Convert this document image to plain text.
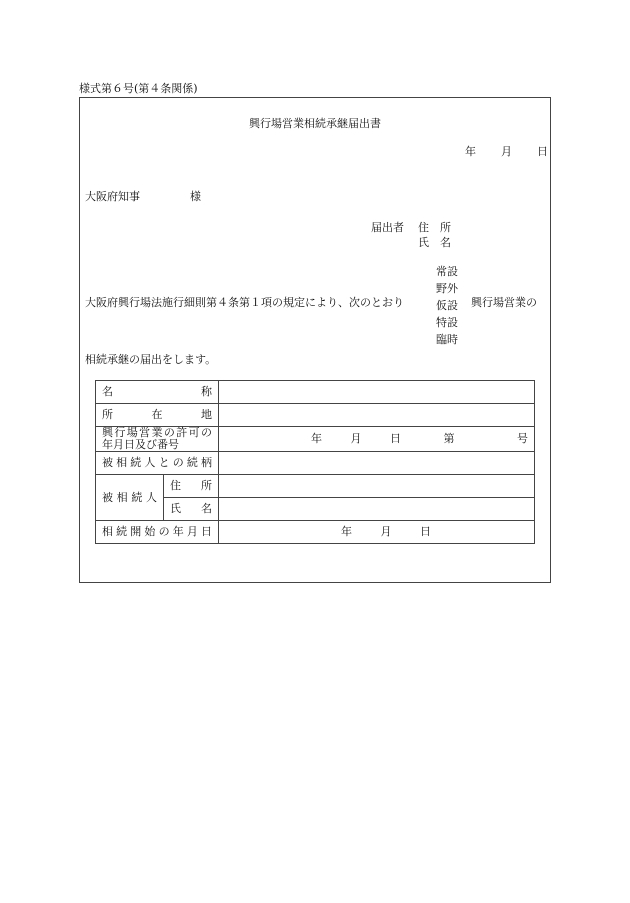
様式第６号(第４条関係)
興行場営業相続承継届出書
年 月 日
大阪府知事	様
届出者 住　所
氏　名
大阪府興行場法施行細則第４条第１項の規定により、次のとおり
常設
野外
仮設
特設
臨時
興行場営業の
相続承継の届出をします。
名称		
所在地		

興行場営業の許可の
年月日及び番号		年 月 日 第 号
被相続人との続柄		
被相続人	住　所	
	氏　名	
相続開始の年月日		年 月 日
